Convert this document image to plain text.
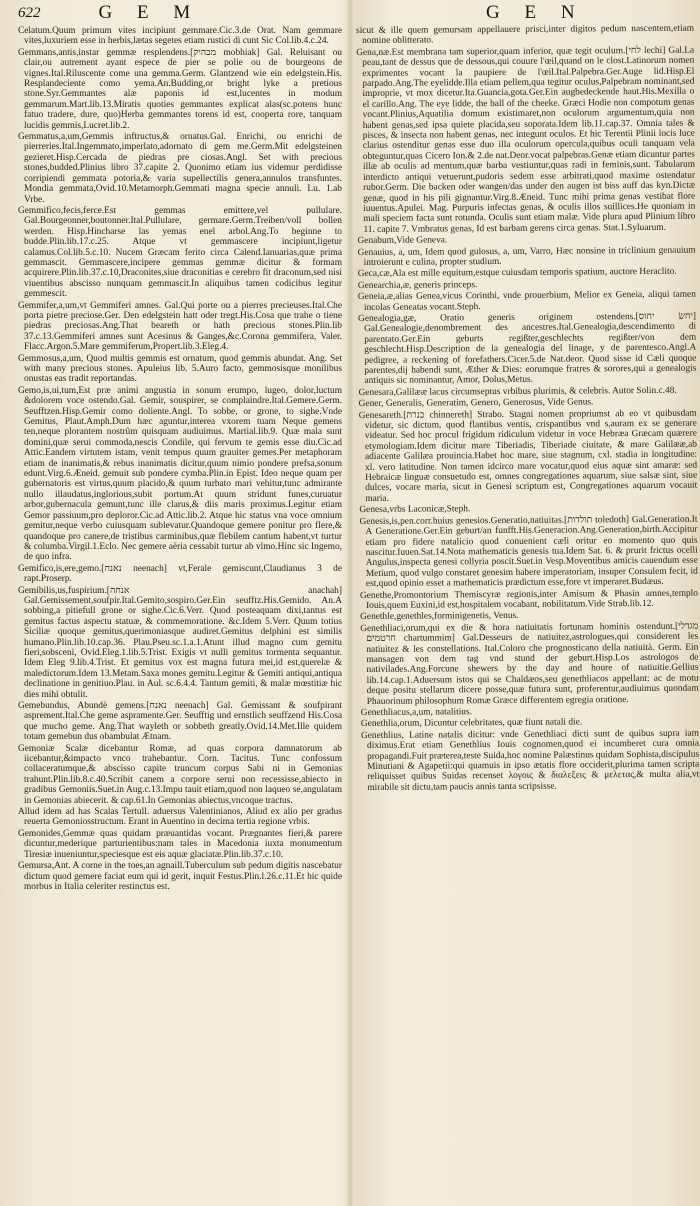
622	G E M	G E N

Celatum.Quum primum vites incipiunt gemmare.Cic.3.de Orat. Nam gemmare vites,luxuriem esse in herbis,lætas segetes etiam rustici di cunt Sic Col.lib.4.c.24.

Gemmans,antis,instar gemmæ resplendens.[מבהיק mobhiak] Gal. Reluisant ou clair,ou autrement ayant espece de pier se polie ou de bourgeons de vignes.Ital.Riluscente come una gemma.Germ. Glantzend wie ein edelgstein.His. Resplandeciente como yema.An.Budding,or bright lyke a pretious stone.Syr.Gemmantes alæ paponis id est,lucentes in modum gemmarum.Mart.lib.13.Miratis quoties gemmantes explicat alas(sc.potens hunc fatuo tradere, dure, quo)Herba gemmantes torens id est, cooperta rore, tanquam lucidis gemmis,Lucret.lib.2.

Gemmatus,a,um,Gemmis inftructus,& ornatus.Gal. Enrichi, ou enrichi de pierreries.Ital.Ingemmato,imperlato,adornato di gem me.Germ.Mit edelgsteinen gezieret.Hisp.Cercada de piedras pre ciosas.Angl. Set with precious stones,budded.Plinius libro 37.capite 2. Quonimo etiam ius videmur perdidisse corripiendi gemmata potoria,& varia supellectilis genera,annulos transfuntes. Mondia gemmata,Ovid.10.Metamorph.Gemmati magna specie annuli. Lu. 1.ab Vrbe.

Gemmifico,fecis,ferce.Est gemmas emittere,vel pullulare. Gal.Bourgeonner,boutonner.Ital.Pullulare, germare.Germ.Treiben/voll bollen werden. Hisp.Hincharse las yemas enel arbol.Ang.To beginne to budde.Plin.lib.17.c.25. Atque vt gemmascere incipiunt,ligetur calamus.Col.lib.5.c.10. Nucem Græcam ferito circa Calend.Ianuarias,quæ prima gemmascit. Gemmascere,incipere gemmas gemmæ dicitur & formam acquirere.Plin.lib.37.c.10,Draconites,siue draconitias e cerebro fit draconum,sed nisi viuentibus abscisso nunquam gemmascit.In aliquibus tamen codicibus legitur gemmescit.

Gemmifer,a,um,vt Gemmiferi amnes. Gal.Qui porte ou a pierres precieuses.Ital.Che porta pietre preciose.Ger. Den edelgstein hatt oder tregt.His.Cosa que trahe o tiene piedras preciosas.Ang.That beareth or hath precious stones.Plin.lib 37.c.13.Gemmiferi amnes sunt Acesinus & Ganges,&c.Corona gemmifera, Valer. Flacc.Argon.5.Mare gemmiferum,Propert.lib.3.Eleg.4.

Gemmosus,a,um, Quod multis gemmis est ornatum, quod gemmis abundat. Ang. Set with many precious stones. Apuleius lib. 5.Auro facto, gemmosisque monilibus onustas eas tradit reportandas.

Gemo,is,ui,tum,Est præ animi angustia in sonum erumpo, lugeo, dolor,luctum &dolorem voce ostendo.Gal. Gemir, souspirer, se complaindre.Ital.Gemere.Germ. Seufftzen.Hisp.Gemir como doliente.Angl. To sobbe, or grone, to sighe.Vnde Gemitus, Plaut.Amph.Dum hæc aguntur,interea vxorem tuam Neque gemens ten,neque plorantem nostrûm quisquam audiuimus. Martial.lib.9. Quæ mala sunt domini,quæ serui commoda,nescis Condile, qui fervum te gemis esse diu.Cic.ad Attic.Eandem virtutem istam, venit tempus quum grauiter gemes.Per metaphoram etiam de inanimatis,& rebus inanimatis dicitur,quum nimio pondere prefsa,sonum edunt.Virg.6.Æneid. gemuit sub pondere cymba.Plin.in Epist. Ideo neque quam per gubernatoris est virtus,quum placido,& quum turbato mari vehitur,tunc admirante nullo illaudatus,inglorious,subit portum.At quum stridunt funes,curuatur arbor,gubernacula gemunt,tunc ille clarus,& diis maris proximus.Legitur etiam Gemor passiuum,pro deploror.Cic.ad Attic.lib.2. Atque hic status vna voce omnium gemitur,neque verbo cuiusquam sublevatur.Quandoque gemere ponitur pro flere,& quandoque pro canere,de tristibus carminibus,quæ flebilem cantum habent,vt turtur & columba.Virgil.1.Eclo. Nec gemere aëria cessabit turtur ab vlmo.Hinc sic Ingemo, de quo infra.

Gemifico,is,ere,gemo.[נאנח neenach] vt,Ferale gemiscunt,Claudianus 3 de rapt.Proserp.

Gemibilis,us,fuspirium.[אנחה anachah] Gal.Gemissement,soufpir.Ital.Gemito,sospiro.Ger.Ein seufftz.His.Gemido. An.A sobbing,a pitiefull grone or sighe.Cic.6.Verr. Quod posteaquam dixi,tantus est gemitus factus aspectu statuæ, & commemoratione. &c.Idem 5.Verr. Quum totius Siciliæ quoque gemitus,querimoniasque audiret.Gemitus delphini est similis humano.Plin.lib.10.cap.36. Plau.Pseu.sc.1.a.1.Atunt illud magno cum gemitu fieri,sobsceni, Ovid.Eleg.1.lib.5.Trist. Exigis vt nulli gemitus tormenta sequantur. Idem Eleg 9.lib.4.Trist. Et gemitus vox est magna futura mei,id est,querelæ & maledictorum.Idem 13.Metam.Saxa mones gemitu.Legitur & Gemiti antiqui,antiqua declinatione in genitiuo.Plau. in Aul. sc.6.4.4. Tantum gemiti, & malæ mœstitiæ hic dies mihi obtulit.

Gemebundus, Abundè gemens.[נאנח neenach] Gal. Gemissant & soufpirant asprement.Ital.Che geme aspramente.Ger. Seufftig und ernstlich seuffzend His.Cosa que mucho geme. Ang.That wayleth or sobbeth greatly.Ovid.14.Met.Ille quidem totam gemebun dus obambulat Ætnam.

Gemoniæ Scalæ dicebantur Romæ, ad quas corpora damnatorum ab iicebantur,&impacto vnco trahebantur. Corn. Tacitus. Tunc confossum collaceratumque,& abscisso capite truncum corpus Sabi ni in Gemonias trahunt.Plin.lib.8.c.40.Scribit canem a corpore serui non recessisse,abiecto in gradibus Gemoniis.Suet.in Aug.c.13.Impu tauit etiam,quod non laqueo se,angulatam in Gemonias abiecerit. & cap.61.In Gemonias abiectus,vncoque tractus.

Allud idem ad has Scalas Tertull. aduersus Valentinianos, Aliud ex alio per gradus reuerta Gemoniosstructum. Erant in Auentino in decima tertia regione vrbis.

Gemonides,Gemmæ quas quidam præuantidas vocant. Prægnantes fieri,& parere dicuntur,mederique parturientibus:nam tales in Macedonia iuxta monumentum Tiresiæ inueniuntur,speciesque est eis aquæ glaciatæ.Plin.lib.37.c.10.

Gemursa,Ant. A corne in the toes,an agnaill.Tuberculum sub pedum digitis nascebatur dictum quod gemere faciat eum qui id gerit, inquit Festus.Plin.l.26.c.11.Et hic quide morbus in Italia celeriter restinctus est.

sicut & ille quem gemursam appellauere prisci,inter digitos pedum nascentem,etiam nomine oblitterato.

Gena,næ.Est membrana tam superior,quam inferior, quæ tegit oculum.[לחי lechi] Gal.La peau,tant de dessus que de dessous,qui couure l'œil,quand on le clost.Latinorum nomen exprimentes vocant la paupiere de l'œil.Ital.Palpebra.Ger.Auge lid.Hisp.El parpado.Ang.The eyelidde.Illa etiam pellem,qua tegitur oculus,Palpebram nominant,sed improprie, vt mox dicetur.Ita.Guancia,gota.Ger.Ein augbedeckende haut.His.Mexilla o el carillo.Ang. The eye lidde, the ball of the cheeke. Græci Hodie non compotum genas vocant.Plinius,Aquatilia domum existimaret,non oculorum argumentum,quia non habent genas,sed ipsa quiete placida,seu soporata.Idem lib.11.cap.37. Omnia tales & pisces, & insecta non habent genas, nec integunt oculos. Et hic Terentii Plinii locis luce clarius ostenditur genas esse duo illa oculorum opercula,quibus oculi tanquam vela obteguntur,quas Cicero Ion.& 2.de nat.Deor.vocat palpebras.Genæ etiam dicuntur partes illæ ab oculis ad mentum,quæ barba vestiuntur,quas radi in feminis,sunt. Tabularum interdicto antiqui vetuerunt,pudoris sedem esse arbitrati,quod maxime ostendatur rubor.Germ. Die backen oder wangen/das under den augen ist biss auff das kyn.Dictæ genæ, quod in his pili gignantur.Virg.8.Æneid. Tunc mihi prima genas vestibat flore iuuentus.Apulei. Mag. Purpuris infectas genas, & oculis illos suillices.He quoniam in mali speciem facta sunt rotunda. Oculis sunt etiam malæ. Vide plura apud Plinium libro 11. capite 7. Vmbratus genas, Id est barbam gerens circa genas. Stat.1.Syluarum.

Genabum,Vide Geneva.

Genauius, a, um, Idem quod gulosus, a, um, Varro, Hæc nonsine in triclinium genauium introierunt e culina, propter studium.

Geca,cæ,Ala est mille equitum,estque cuiusdam temporis spatium, auctore Heraclito.

Genearchia,æ, generis princeps.

Geneia,æ,alias Genea,vicus Corinthi, vnde prouerbium, Melior ex Geneia, aliqui tamen incolas Geneatas vocant.Steph.

Genealogia,gæ, Oratio generis originem ostendens.[יחשׂ יחוס] Gal.Genealogie,denombrement des ancestres.Ital.Genealogia,descendimento di parentato.Ger.Ein geburts regißter,geschlechts regißter/von dem geschlecht.Hisp.Description de la genealogia del linage, y de parentesco.Angl.A pedigree, a reckening of forefathers.Cicer.5.de Nat.deor. Quod sisse id Cæli quoque parentes,dij habendi sunt, Æther & Dies: eorumque fratres & sorores,qui a genealogis antiquis sic nominantur, Amor, Dolus,Metus.

Genesara,Galilææ lacus circumseptus vrbibus plurimis, & celebris. Autor Solin.c.48.

Gener, Generalis, Generatim, Genero, Generosus, Vide Genus.

Genesareth.[כנרת chinnereth] Strabo. Stagni nomen propriumst ab eo vt quibusdam videtur, sic dictum, quod flantibus ventis, crispantibus vnd s,auram ex se generare videatur. Sed hoc procul frigidum ridiculum videtur in voce Hebræa Græcam quærere etymologiam.Idem dicitur mare Tiberiadis, Tiberiade ciuitate, & mare Galilææ,ab adiacente Galilæa prouincia.Habet hoc mare, siue stagnum, cxl. stadia in longitudine: xl. vero latitudine. Non tamen idcirco mare vocatur,quod eius aquæ sint amaræ: sed Hebraicæ linguæ consuetudo est, omnes congregationes aquarum, siue salsæ sint, siue dulces, vocare maria, sicut in Genesi scriptum est, Congregationes aquarum vocauit maria.

Genesa,vrbs Laconicæ,Steph.

Genesis,is,pen.corr.huius genesios.Generatio,natiuitas.[תולדות toledoth] Gal.Generation.It A Generatione.Ger.Ein geburt/an funfft.His.Generacion.Ang.Generation,birth.Accipitur etiam pro fidere natalicio quod conuenient cæli oritur eo momento quo quis nascitur.Iuuen.Sat.14.Nota mathematicis genesis tua.Idem Sat. 6. & prurit frictus ocelli Angulus,inspecta genesi collyria poscit.Suet.in Vesp.Moventibus amicis cauendum esse Metium, quod vulgo constaret genesim habere imperatoriam, insuper Consulem fecit, id est,quod opinio esset a mathematicis prædictum esse,fore vt imperaret.Budæus.

Genethe,Promontorium Themiscyræ regionis,inter Amisum & Phasin amnes,templo Iouis,quem Euxini,id est,hospitalem vocabant, nobilitatum.Vide Strab.lib.12.

Genethle,genethles,forminigenetis, Venus.

Genethliaci,orum,qui ex die & hora natiuitatis fortunam hominis ostendunt.[מגדלי חרטמים chartummim] Gal.Desseurs de natiuitez,astrologues,qui considerent les natiuitez & les constellations. Ital.Coloro che prognosticano della natiuità. Germ. Ein mansagen von dem tag vnd stund der geburt.Hisp.Los astrologos de nativilades.Ang.Forcune shewers by the day and houre of natiuitie.Gellius lib.14.cap.1.Aduersum istos qui se Chaldæos,seu genethliacos appellant: ac de motu deque positu stellarum dicere posse,quæ futura sunt, proferentur,audiuimus quondam Phauorinum philosophum Romæ Græce differentem egregia oratione.

Genethliacus,a,um, natalitius.

Genethlia,orum, Dicuntur celebritates, quæ fiunt natali die.

Genethlius, Latine natalis dicitur: vnde Genethliaci dicti sunt de quibus supra iam diximus.Erat etiam Genethlius Iouis cognomen,quod ei incumberet cura omnia propagandi.Fuit præterea,teste Suida,hoc nomine Palæstinus quidam Sophista,discipulus Minutiani & Agapetii:qui quamuis in ipso ætatis flore occiderit,plurima tamen scripta reliquisset quibus Suidas recenset λογοις & διαλεξεις & μελετας,& multa alia,vt mirabile sit dictu,tam paucis annis tanta scripsisse.
